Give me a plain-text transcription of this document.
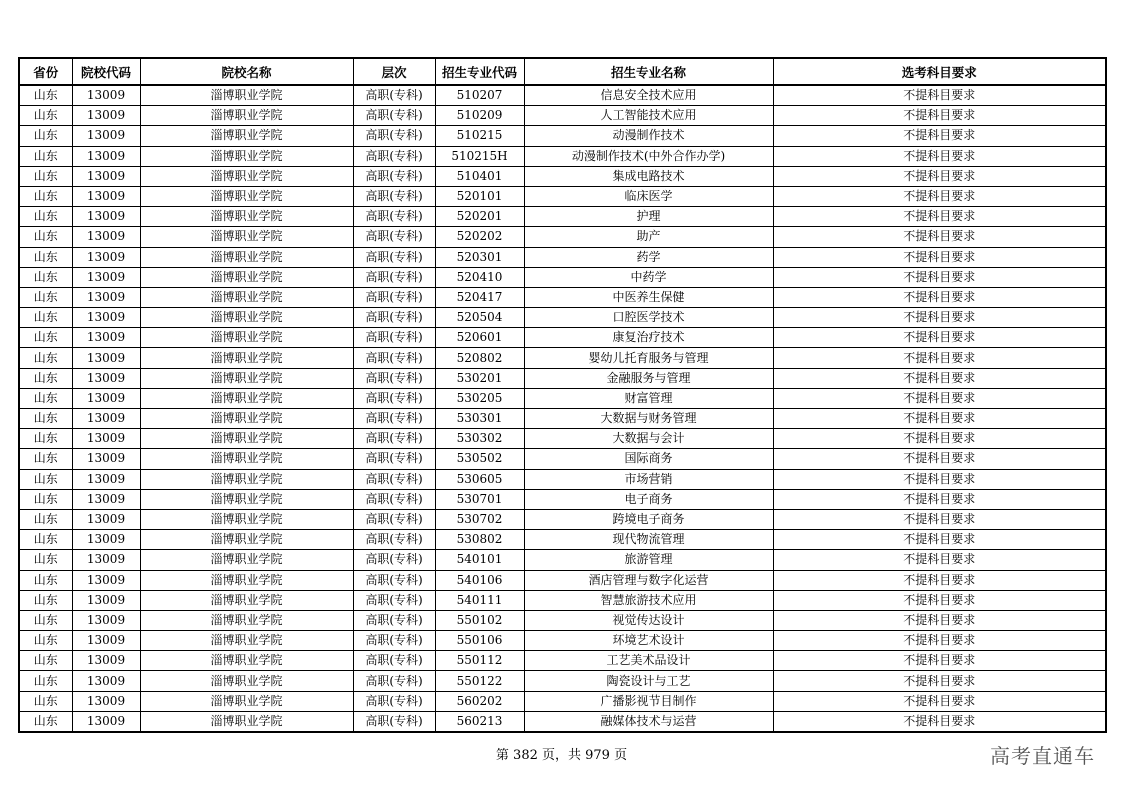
省份	院校代码	院校名称	层次	招生专业代码	招生专业名称	选考科目要求
山东	13009	淄博职业学院	高职(专科)	510207	信息安全技术应用	不提科目要求
山东	13009	淄博职业学院	高职(专科)	510209	人工智能技术应用	不提科目要求
山东	13009	淄博职业学院	高职(专科)	510215	动漫制作技术	不提科目要求
山东	13009	淄博职业学院	高职(专科)	510215H	动漫制作技术(中外合作办学)	不提科目要求
山东	13009	淄博职业学院	高职(专科)	510401	集成电路技术	不提科目要求
山东	13009	淄博职业学院	高职(专科)	520101	临床医学	不提科目要求
山东	13009	淄博职业学院	高职(专科)	520201	护理	不提科目要求
山东	13009	淄博职业学院	高职(专科)	520202	助产	不提科目要求
山东	13009	淄博职业学院	高职(专科)	520301	药学	不提科目要求
山东	13009	淄博职业学院	高职(专科)	520410	中药学	不提科目要求
山东	13009	淄博职业学院	高职(专科)	520417	中医养生保健	不提科目要求
山东	13009	淄博职业学院	高职(专科)	520504	口腔医学技术	不提科目要求
山东	13009	淄博职业学院	高职(专科)	520601	康复治疗技术	不提科目要求
山东	13009	淄博职业学院	高职(专科)	520802	婴幼儿托育服务与管理	不提科目要求
山东	13009	淄博职业学院	高职(专科)	530201	金融服务与管理	不提科目要求
山东	13009	淄博职业学院	高职(专科)	530205	财富管理	不提科目要求
山东	13009	淄博职业学院	高职(专科)	530301	大数据与财务管理	不提科目要求
山东	13009	淄博职业学院	高职(专科)	530302	大数据与会计	不提科目要求
山东	13009	淄博职业学院	高职(专科)	530502	国际商务	不提科目要求
山东	13009	淄博职业学院	高职(专科)	530605	市场营销	不提科目要求
山东	13009	淄博职业学院	高职(专科)	530701	电子商务	不提科目要求
山东	13009	淄博职业学院	高职(专科)	530702	跨境电子商务	不提科目要求
山东	13009	淄博职业学院	高职(专科)	530802	现代物流管理	不提科目要求
山东	13009	淄博职业学院	高职(专科)	540101	旅游管理	不提科目要求
山东	13009	淄博职业学院	高职(专科)	540106	酒店管理与数字化运营	不提科目要求
山东	13009	淄博职业学院	高职(专科)	540111	智慧旅游技术应用	不提科目要求
山东	13009	淄博职业学院	高职(专科)	550102	视觉传达设计	不提科目要求
山东	13009	淄博职业学院	高职(专科)	550106	环境艺术设计	不提科目要求
山东	13009	淄博职业学院	高职(专科)	550112	工艺美术品设计	不提科目要求
山东	13009	淄博职业学院	高职(专科)	550122	陶瓷设计与工艺	不提科目要求
山东	13009	淄博职业学院	高职(专科)	560202	广播影视节目制作	不提科目要求
山东	13009	淄博职业学院	高职(专科)	560213	融媒体技术与运营	不提科目要求
第 382 页，共 979 页	高考直通车
